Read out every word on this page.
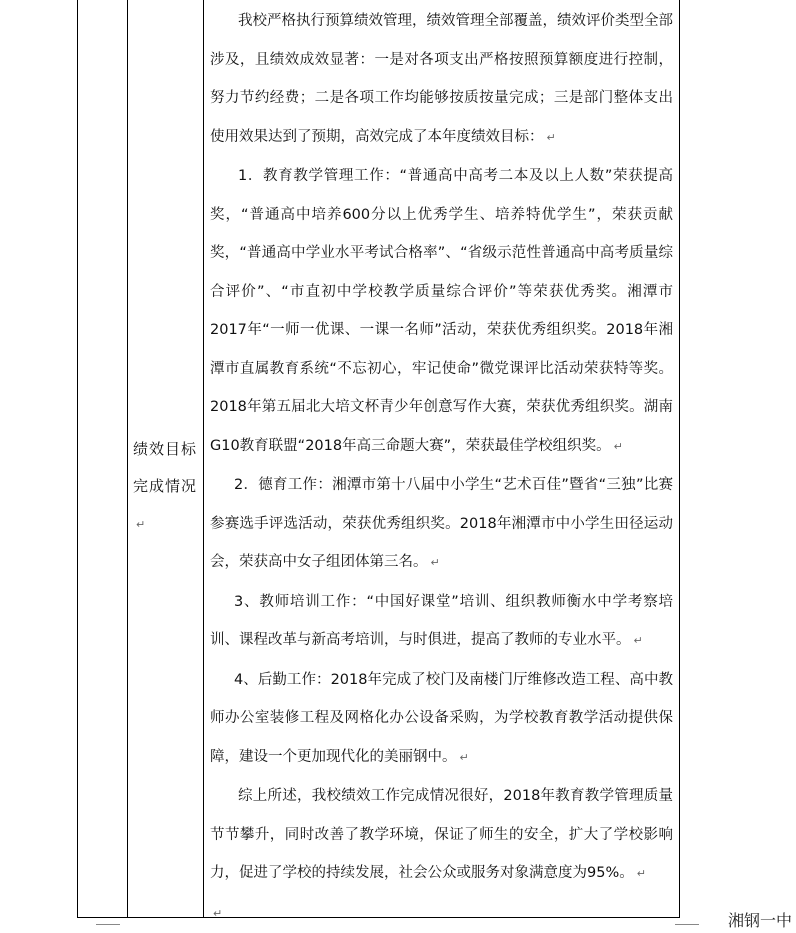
绩效目标
完成情况↵

我校严格执行预算绩效管理，绩效管理全部覆盖，绩效评价类型全部涉及，且绩效成效显著：一是对各项支出严格按照预算额度进行控制，努力节约经费；二是各项工作均能够按质按量完成；三是部门整体支出使用效果达到了预期，高效完成了本年度绩效目标： ↵

1．教育教学管理工作：“普通高中高考二本及以上人数”荣获提高奖，“普通高中培养600分以上优秀学生、培养特优学生”，荣获贡献奖，“普通高中学业水平考试合格率”、“省级示范性普通高中高考质量综合评价”、“市直初中学校教学质量综合评价”等荣获优秀奖。湘潭市2017年“一师一优课、一课一名师”活动，荣获优秀组织奖。2018年湘潭市直属教育系统“不忘初心，牢记使命”微党课评比活动荣获特等奖。2018年第五届北大培文杯青少年创意写作大赛，荣获优秀组织奖。湖南G10教育联盟“2018年高三命题大赛”，荣获最佳学校组织奖。 ↵

2．德育工作：湘潭市第十八届中小学生“艺术百佳”暨省“三独”比赛参赛选手评选活动，荣获优秀组织奖。2018年湘潭市中小学生田径运动会，荣获高中女子组团体第三名。 ↵

3、教师培训工作：“中国好课堂”培训、组织教师衡水中学考察培训、课程改革与新高考培训，与时俱进，提高了教师的专业水平。 ↵

4、后勤工作：2018年完成了校门及南楼门厅维修改造工程、高中教师办公室装修工程及网格化办公设备采购，为学校教育教学活动提供保障，建设一个更加现代化的美丽钢中。 ↵

综上所述，我校绩效工作完成情况很好，2018年教育教学管理质量节节攀升，同时改善了教学环境，保证了师生的安全，扩大了学校影响力，促进了学校的持续发展，社会公众或服务对象满意度为95%。 ↵

↵	湘钢一中
